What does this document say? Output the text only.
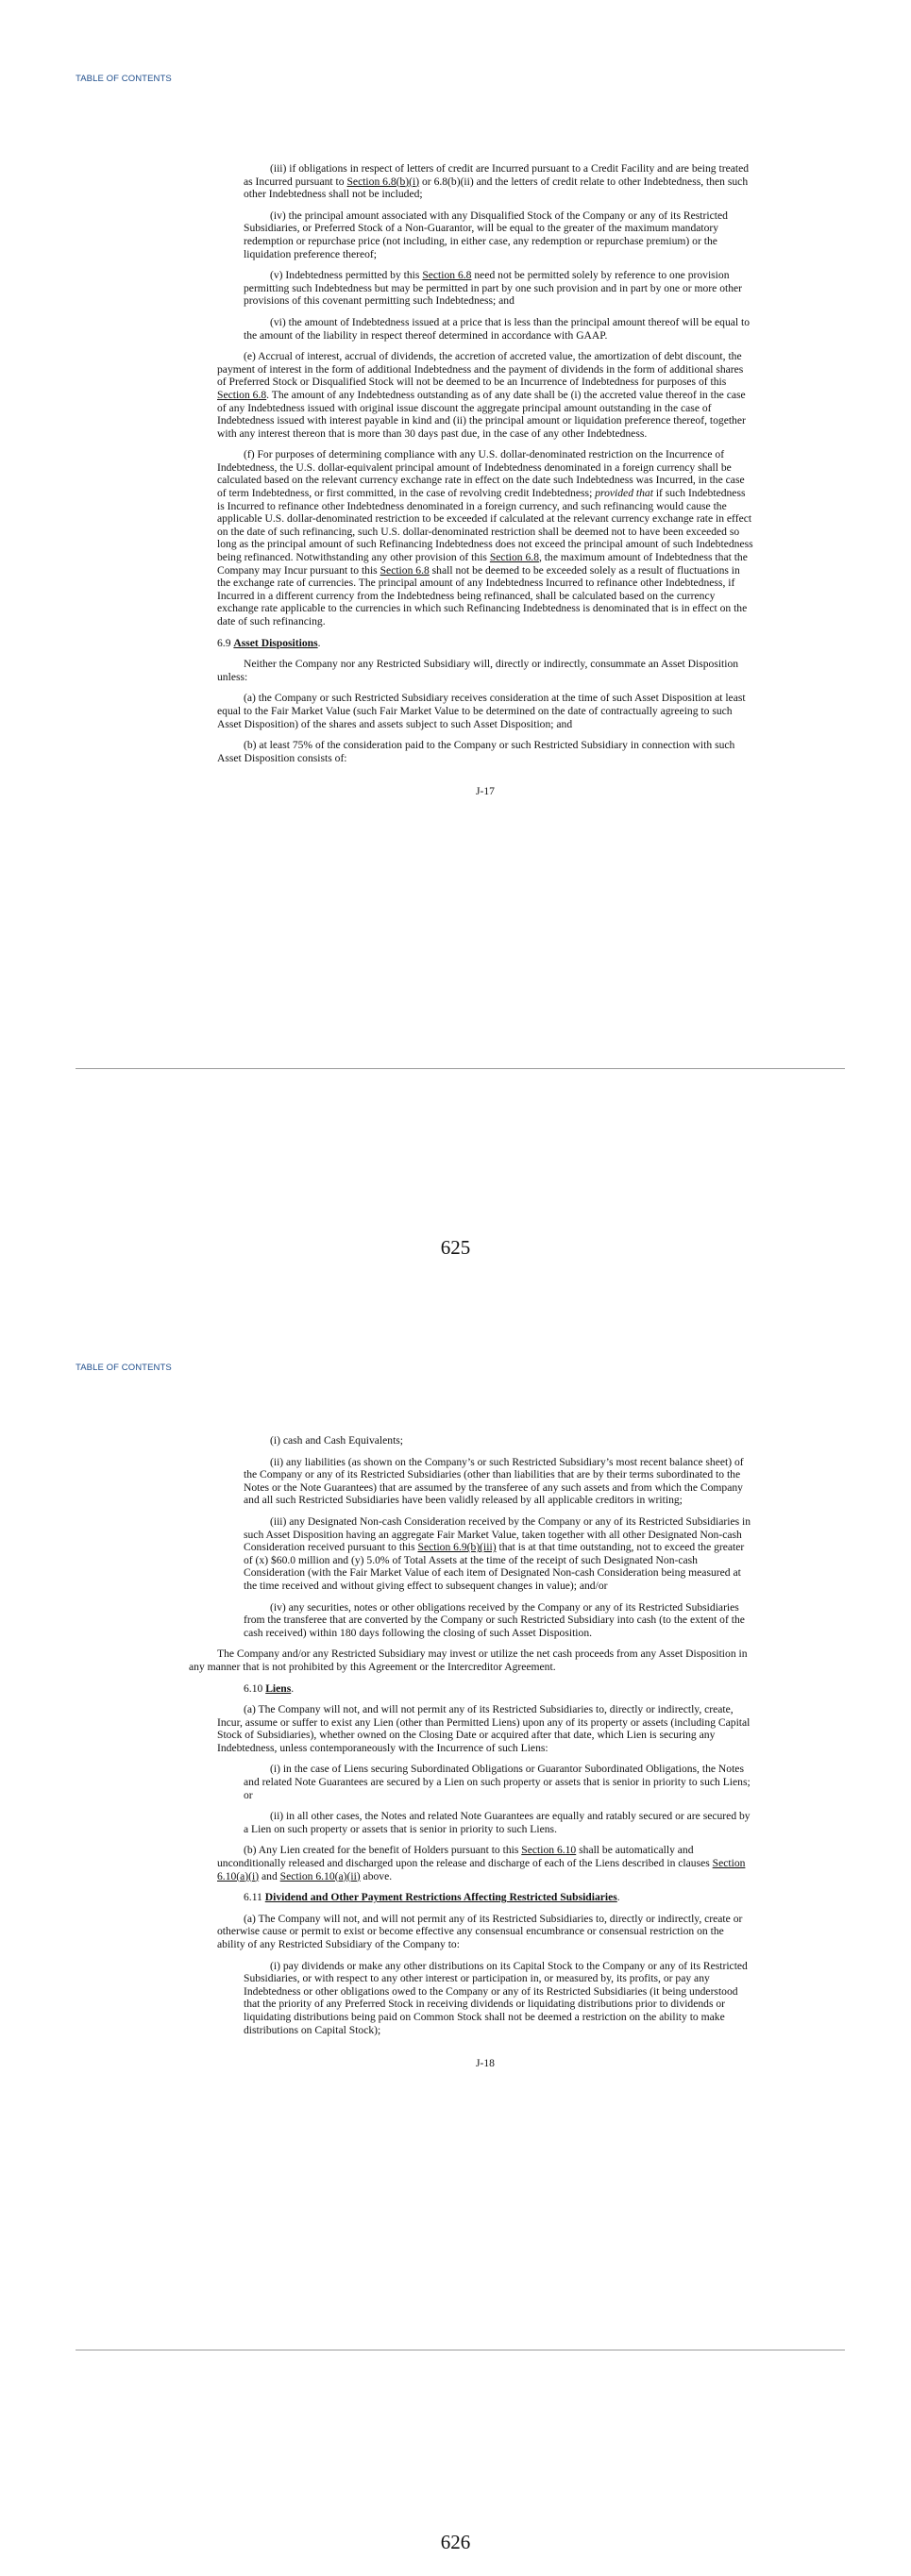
TABLE OF CONTENTS

(iii) if obligations in respect of letters of credit are Incurred pursuant to a Credit Facility and are being treated as Incurred pursuant to Section 6.8(b)(i) or 6.8(b)(ii) and the letters of credit relate to other Indebtedness, then such other Indebtedness shall not be included;

(iv) the principal amount associated with any Disqualified Stock of the Company or any of its Restricted Subsidiaries, or Preferred Stock of a Non-Guarantor, will be equal to the greater of the maximum mandatory redemption or repurchase price (not including, in either case, any redemption or repurchase premium) or the liquidation preference thereof;

(v) Indebtedness permitted by this Section 6.8 need not be permitted solely by reference to one provision permitting such Indebtedness but may be permitted in part by one such provision and in part by one or more other provisions of this covenant permitting such Indebtedness; and

(vi) the amount of Indebtedness issued at a price that is less than the principal amount thereof will be equal to the amount of the liability in respect thereof determined in accordance with GAAP.

(e) Accrual of interest, accrual of dividends, the accretion of accreted value, the amortization of debt discount, the payment of interest in the form of additional Indebtedness and the payment of dividends in the form of additional shares of Preferred Stock or Disqualified Stock will not be deemed to be an Incurrence of Indebtedness for purposes of this Section 6.8. The amount of any Indebtedness outstanding as of any date shall be (i) the accreted value thereof in the case of any Indebtedness issued with original issue discount the aggregate principal amount outstanding in the case of Indebtedness issued with interest payable in kind and (ii) the principal amount or liquidation preference thereof, together with any interest thereon that is more than 30 days past due, in the case of any other Indebtedness.

(f) For purposes of determining compliance with any U.S. dollar-denominated restriction on the Incurrence of Indebtedness, the U.S. dollar-equivalent principal amount of Indebtedness denominated in a foreign currency shall be calculated based on the relevant currency exchange rate in effect on the date such Indebtedness was Incurred, in the case of term Indebtedness, or first committed, in the case of revolving credit Indebtedness; provided that if such Indebtedness is Incurred to refinance other Indebtedness denominated in a foreign currency, and such refinancing would cause the applicable U.S. dollar-denominated restriction to be exceeded if calculated at the relevant currency exchange rate in effect on the date of such refinancing, such U.S. dollar-denominated restriction shall be deemed not to have been exceeded so long as the principal amount of such Refinancing Indebtedness does not exceed the principal amount of such Indebtedness being refinanced. Notwithstanding any other provision of this Section 6.8, the maximum amount of Indebtedness that the Company may Incur pursuant to this Section 6.8 shall not be deemed to be exceeded solely as a result of fluctuations in the exchange rate of currencies. The principal amount of any Indebtedness Incurred to refinance other Indebtedness, if Incurred in a different currency from the Indebtedness being refinanced, shall be calculated based on the currency exchange rate applicable to the currencies in which such Refinancing Indebtedness is denominated that is in effect on the date of such refinancing.

6.9 Asset Dispositions.

Neither the Company nor any Restricted Subsidiary will, directly or indirectly, consummate an Asset Disposition unless:

(a) the Company or such Restricted Subsidiary receives consideration at the time of such Asset Disposition at least equal to the Fair Market Value (such Fair Market Value to be determined on the date of contractually agreeing to such Asset Disposition) of the shares and assets subject to such Asset Disposition; and

(b) at least 75% of the consideration paid to the Company or such Restricted Subsidiary in connection with such Asset Disposition consists of:

J-17

625
TABLE OF CONTENTS

(i) cash and Cash Equivalents;

(ii) any liabilities (as shown on the Company’s or such Restricted Subsidiary’s most recent balance sheet) of the Company or any of its Restricted Subsidiaries (other than liabilities that are by their terms subordinated to the Notes or the Note Guarantees) that are assumed by the transferee of any such assets and from which the Company and all such Restricted Subsidiaries have been validly released by all applicable creditors in writing;

(iii) any Designated Non-cash Consideration received by the Company or any of its Restricted Subsidiaries in such Asset Disposition having an aggregate Fair Market Value, taken together with all other Designated Non-cash Consideration received pursuant to this Section 6.9(b)(iii) that is at that time outstanding, not to exceed the greater of (x) $60.0 million and (y) 5.0% of Total Assets at the time of the receipt of such Designated Non-cash Consideration (with the Fair Market Value of each item of Designated Non-cash Consideration being measured at the time received and without giving effect to subsequent changes in value); and/or

(iv) any securities, notes or other obligations received by the Company or any of its Restricted Subsidiaries from the transferee that are converted by the Company or such Restricted Subsidiary into cash (to the extent of the cash received) within 180 days following the closing of such Asset Disposition.

The Company and/or any Restricted Subsidiary may invest or utilize the net cash proceeds from any Asset Disposition in any manner that is not prohibited by this Agreement or the Intercreditor Agreement.

6.10 Liens.

(a) The Company will not, and will not permit any of its Restricted Subsidiaries to, directly or indirectly, create, Incur, assume or suffer to exist any Lien (other than Permitted Liens) upon any of its property or assets (including Capital Stock of Subsidiaries), whether owned on the Closing Date or acquired after that date, which Lien is securing any Indebtedness, unless contemporaneously with the Incurrence of such Liens:

(i) in the case of Liens securing Subordinated Obligations or Guarantor Subordinated Obligations, the Notes and related Note Guarantees are secured by a Lien on such property or assets that is senior in priority to such Liens; or

(ii) in all other cases, the Notes and related Note Guarantees are equally and ratably secured or are secured by a Lien on such property or assets that is senior in priority to such Liens.

(b) Any Lien created for the benefit of Holders pursuant to this Section 6.10 shall be automatically and unconditionally released and discharged upon the release and discharge of each of the Liens described in clauses Section 6.10(a)(i) and Section 6.10(a)(ii) above.

6.11 Dividend and Other Payment Restrictions Affecting Restricted Subsidiaries.

(a) The Company will not, and will not permit any of its Restricted Subsidiaries to, directly or indirectly, create or otherwise cause or permit to exist or become effective any consensual encumbrance or consensual restriction on the ability of any Restricted Subsidiary of the Company to:

(i) pay dividends or make any other distributions on its Capital Stock to the Company or any of its Restricted Subsidiaries, or with respect to any other interest or participation in, or measured by, its profits, or pay any Indebtedness or other obligations owed to the Company or any of its Restricted Subsidiaries (it being understood that the priority of any Preferred Stock in receiving dividends or liquidating distributions prior to dividends or liquidating distributions being paid on Common Stock shall not be deemed a restriction on the ability to make distributions on Capital Stock);

J-18

626
